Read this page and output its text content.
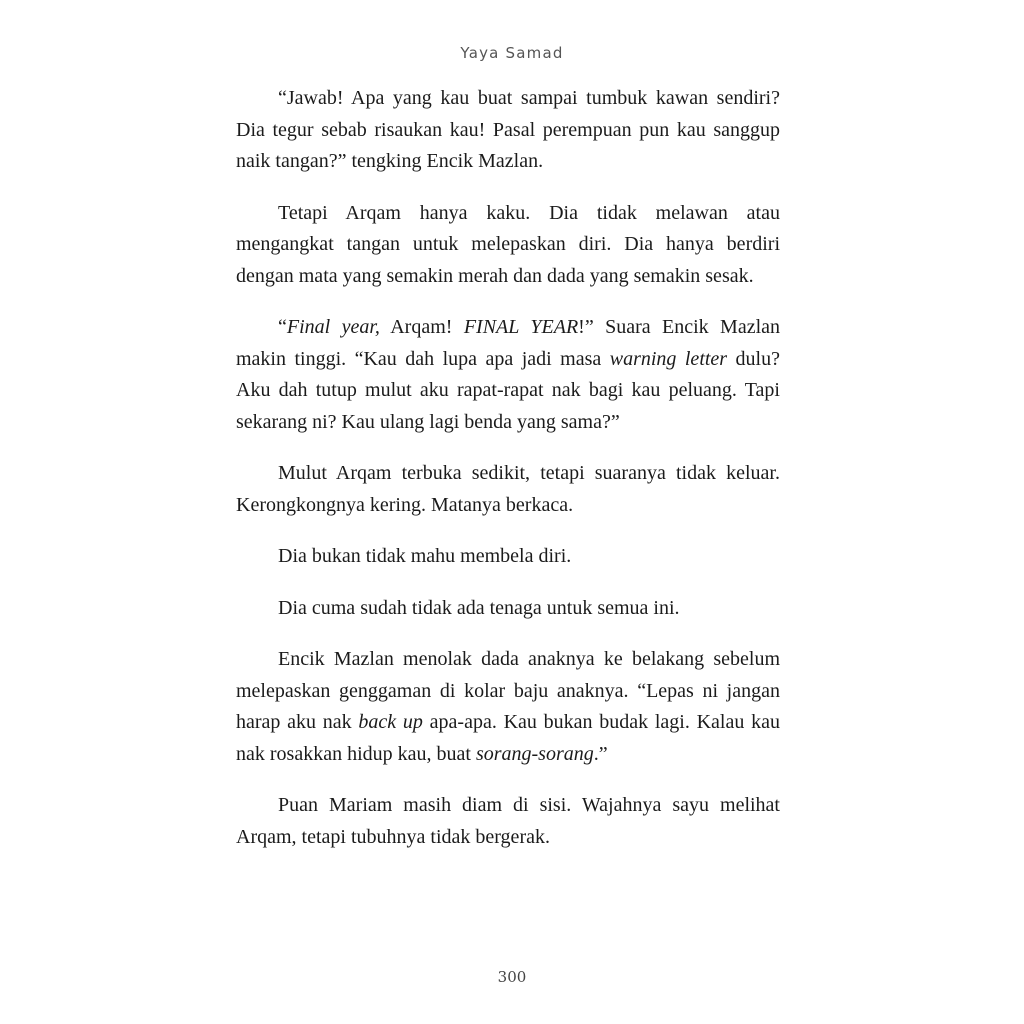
Yaya Samad

“Jawab! Apa yang kau buat sampai tumbuk kawan sendiri? Dia tegur sebab risaukan kau! Pasal perempuan pun kau sanggup naik tangan?” tengking Encik Mazlan.

Tetapi Arqam hanya kaku. Dia tidak melawan atau mengangkat tangan untuk melepaskan diri. Dia hanya berdiri dengan mata yang semakin merah dan dada yang semakin sesak.

“Final year, Arqam! FINAL YEAR!” Suara Encik Mazlan makin tinggi. “Kau dah lupa apa jadi masa warning letter dulu? Aku dah tutup mulut aku rapat-rapat nak bagi kau peluang. Tapi sekarang ni? Kau ulang lagi benda yang sama?”

Mulut Arqam terbuka sedikit, tetapi suaranya tidak keluar. Kerongkongnya kering. Matanya berkaca.

Dia bukan tidak mahu membela diri.

Dia cuma sudah tidak ada tenaga untuk semua ini.

Encik Mazlan menolak dada anaknya ke belakang sebelum melepaskan genggaman di kolar baju anaknya. “Lepas ni jangan harap aku nak back up apa-apa. Kau bukan budak lagi. Kalau kau nak rosakkan hidup kau, buat sorang-sorang.”

Puan Mariam masih diam di sisi. Wajahnya sayu melihat Arqam, tetapi tubuhnya tidak bergerak.

300
